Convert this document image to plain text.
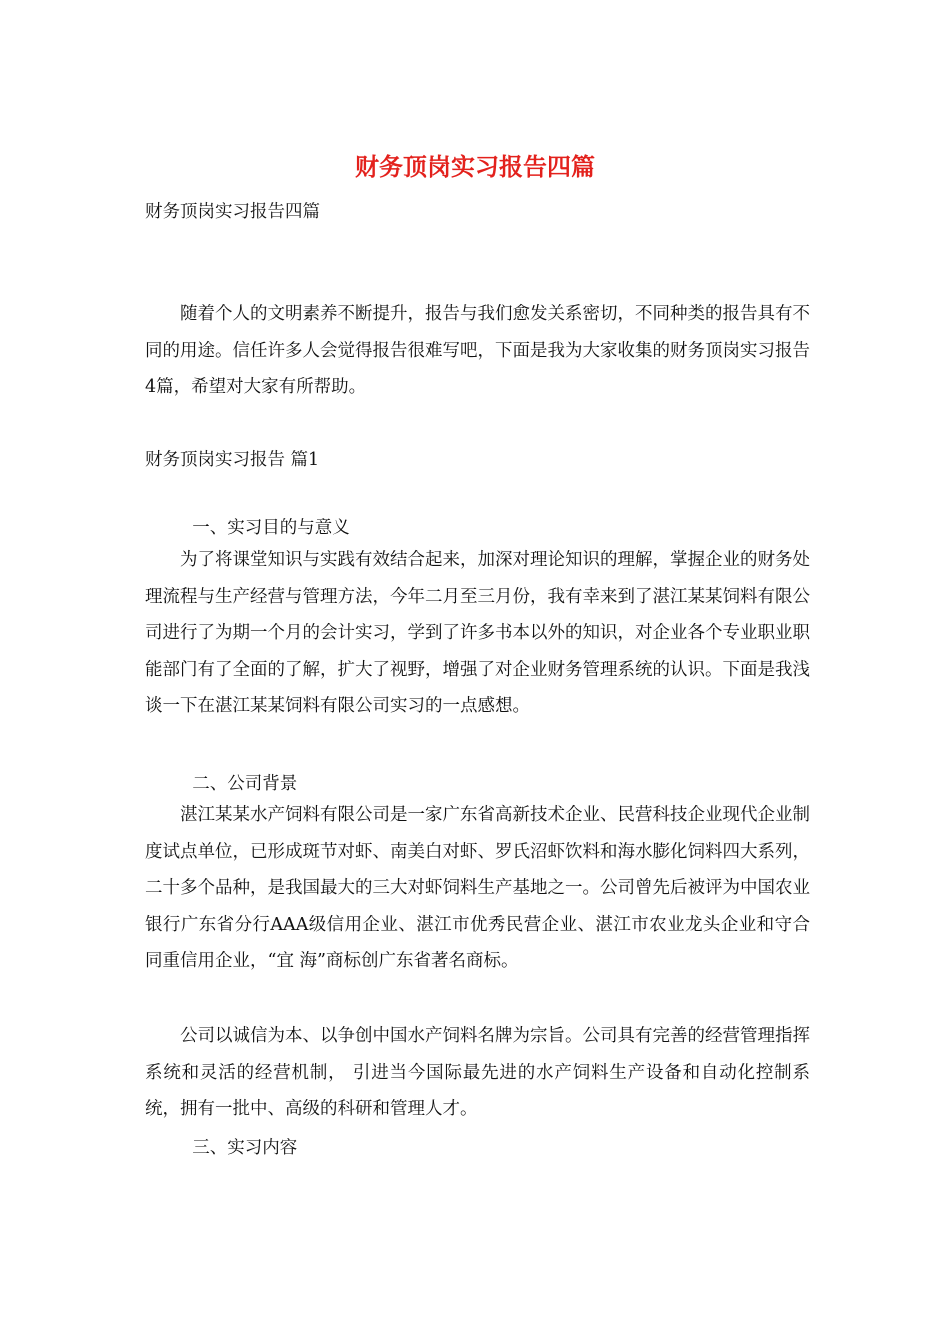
财务顶岗实习报告四篇

财务顶岗实习报告四篇

随着个人的文明素养不断提升，报告与我们愈发关系密切，不同种类的报告具有不同的用途。信任许多人会觉得报告很难写吧，下面是我为大家收集的财务顶岗实习报告4篇，希望对大家有所帮助。

财务顶岗实习报告 篇1

一、实习目的与意义

为了将课堂知识与实践有效结合起来，加深对理论知识的理解，掌握企业的财务处理流程与生产经营与管理方法，今年二月至三月份，我有幸来到了湛江某某饲料有限公司进行了为期一个月的会计实习，学到了许多书本以外的知识，对企业各个专业职业职能部门有了全面的了解，扩大了视野，增强了对企业财务管理系统的认识。下面是我浅谈一下在湛江某某饲料有限公司实习的一点感想。

二、公司背景

湛江某某水产饲料有限公司是一家广东省高新技术企业、民营科技企业现代企业制度试点单位，已形成斑节对虾、南美白对虾、罗氏沼虾饮料和海水膨化饲料四大系列，二十多个品种，是我国最大的三大对虾饲料生产基地之一。公司曾先后被评为中国农业银行广东省分行AAA级信用企业、湛江市优秀民营企业、湛江市农业龙头企业和守合同重信用企业，“宜 海”商标创广东省著名商标。

公司以诚信为本、以争创中国水产饲料名牌为宗旨。公司具有完善的经营管理指挥系统和灵活的经营机制， 引进当今国际最先进的水产饲料生产设备和自动化控制系统，拥有一批中、高级的科研和管理人才。

三、实习内容
